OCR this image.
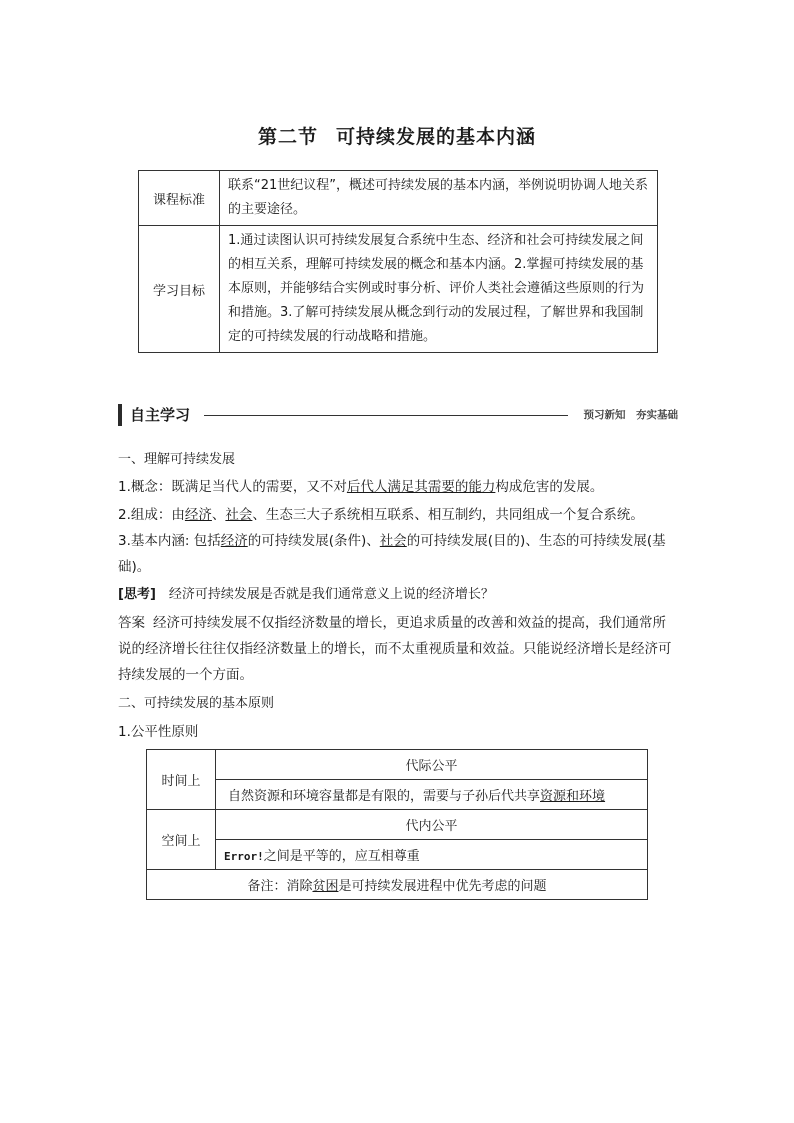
第二节 可持续发展的基本内涵
课程标准	联系“21世纪议程”，概述可持续发展的基本内涵，举例说明协调人地关系的主要途径。
学习目标	1.通过读图认识可持续发展复合系统中生态、经济和社会可持续发展之间的相互关系，理解可持续发展的概念和基本内涵。2.掌握可持续发展的基本原则，并能够结合实例或时事分析、评价人类社会遵循这些原则的行为和措施。3.了解可持续发展从概念到行动的发展过程，了解世界和我国制定的可持续发展的行动战略和措施。
自主学习	预习新知　夯实基础
一、理解可持续发展
1.概念：既满足当代人的需要，又不对后代人满足其需要的能力构成危害的发展。
2.组成：由经济、社会、生态三大子系统相互联系、相互制约，共同组成一个复合系统。
3.基本内涵: 包括经济的可持续发展(条件)、社会的可持续发展(目的)、生态的可持续发展(基础)。
[思考]　 经济可持续发展是否就是我们通常意义上说的经济增长？
答案 经济可持续发展不仅指经济数量的增长，更追求质量的改善和效益的提高，我们通常所说的经济增长往往仅指经济数量上的增长，而不太重视质量和效益。只能说经济增长是经济可持续发展的一个方面。
二、可持续发展的基本原则
1.公平性原则
时间上	代际公平
	自然资源和环境容量都是有限的，需要与子孙后代共享资源和环境
空间上	代内公平
	Error!之间是平等的，应互相尊重
备注：消除贫困是可持续发展进程中优先考虑的问题	
